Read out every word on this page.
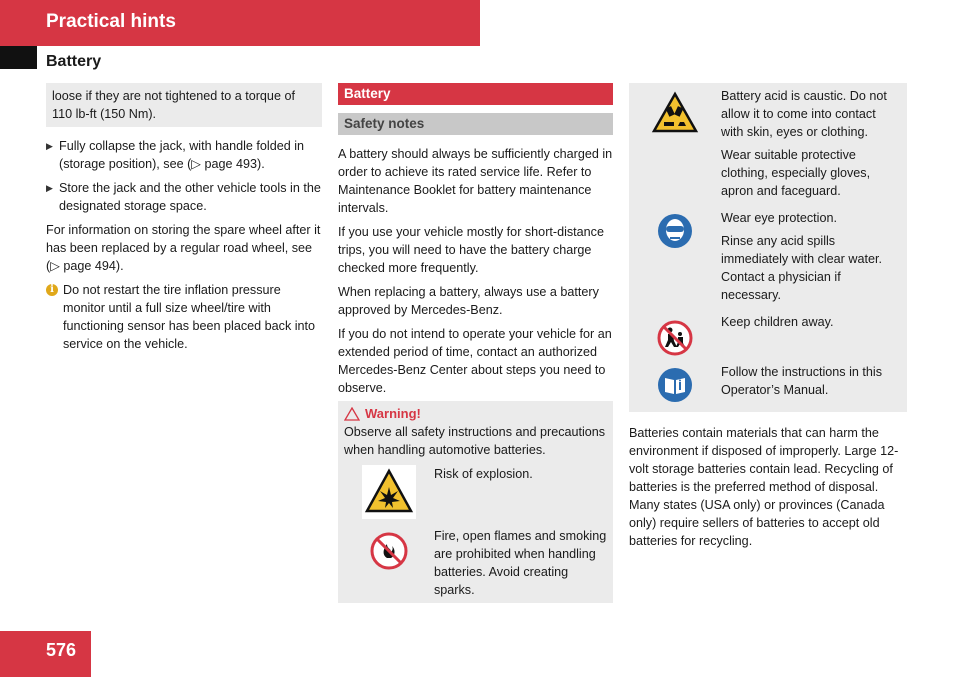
Practical hints
Battery
loose if they are not tightened to a torque of 110 lb-ft (150 Nm).
▶ Fully collapse the jack, with handle folded in (storage position), see (▷ page 493).
▶ Store the jack and the other vehicle tools in the designated storage space.

For information on storing the spare wheel after it has been replaced by a regular road wheel, see (▷ page 494).

i Do not restart the tire inflation pressure monitor until a full size wheel/tire with functioning sensor has been placed back into service on the vehicle.
Battery
Safety notes

A battery should always be sufficiently charged in order to achieve its rated service life. Refer to Maintenance Booklet for battery maintenance intervals.

If you use your vehicle mostly for short-distance trips, you will need to have the battery charge checked more frequently.

When replacing a battery, always use a battery approved by Mercedes-Benz.

If you do not intend to operate your vehicle for an extended period of time, contact an authorized Mercedes-Benz Center about steps you need to observe.

Warning!
Observe all safety instructions and precautions when handling automotive batteries.
Risk of explosion.
Fire, open flames and smoking are prohibited when handling batteries. Avoid creating sparks.

Battery acid is caustic. Do not allow it to come into contact with skin, eyes or clothing.

Wear suitable protective clothing, especially gloves, apron and faceguard.

Wear eye protection.

Rinse any acid spills immediately with clear water. Contact a physician if necessary.

Keep children away.

Follow the instructions in this Operator’s Manual.

Batteries contain materials that can harm the environment if disposed of improperly. Large 12-volt storage batteries contain lead. Recycling of batteries is the preferred method of disposal. Many states (USA only) or provinces (Canada only) require sellers of batteries to accept old batteries for recycling.

576
